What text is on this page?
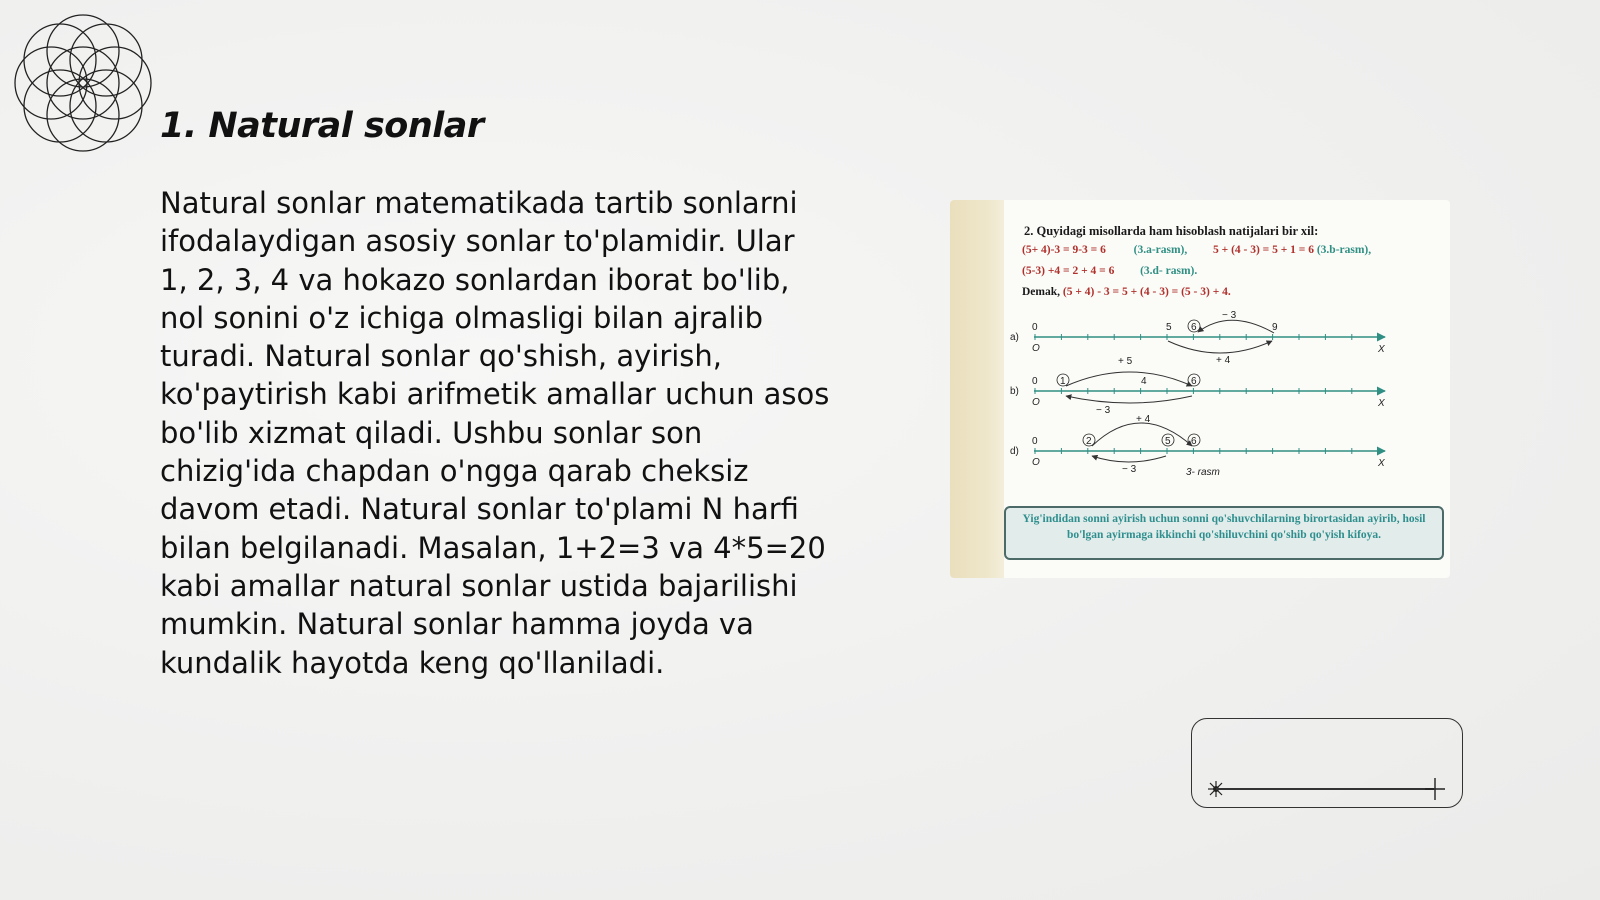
1. Natural sonlar

Natural sonlar matematikada tartib sonlarni ifodalaydigan asosiy sonlar to'plamidir. Ular 1, 2, 3, 4 va hokazo sonlardan iborat bo'lib, nol sonini o'z ichiga olmasligi bilan ajralib turadi. Natural sonlar qo'shish, ayirish, ko'paytirish kabi arifmetik amallar uchun asos bo'lib xizmat qiladi. Ushbu sonlar son chizig'ida chapdan o'ngga qarab cheksiz davom etadi. Natural sonlar to'plami N harfi bilan belgilanadi. Masalan, 1+2=3 va 4*5=20 kabi amallar natural sonlar ustida bajarilishi mumkin. Natural sonlar hamma joyda va kundalik hayotda keng qo'llaniladi.

2. Quyidagi misollarda ham hisoblash natijalari bir xil:
(5+ 4)-3 = 9-3 = 6 (3.a-rasm), 5 + (4 - 3) = 5 + 1 = 6 (3.b-rasm),
(5-3) +4 = 2 + 4 = 6 (3.d- rasm).
Demak, (5 + 4) - 3 = 5 + (4 - 3) = (5 - 3) + 4.
a)
0	5 6	9
− 3
+ 4
O	X
b)
0 1	4	6
+ 5
− 3
O	X
d)
0	2	5 6
+ 4
− 3
O	X
3- rasm
Yig'indidan sonni ayirish uchun sonni qo'shuvchilarning birortasidan ayirib, hosil bo'lgan ayirmaga ikkinchi qo'shiluvchini qo'shib qo'yish kifoya.
